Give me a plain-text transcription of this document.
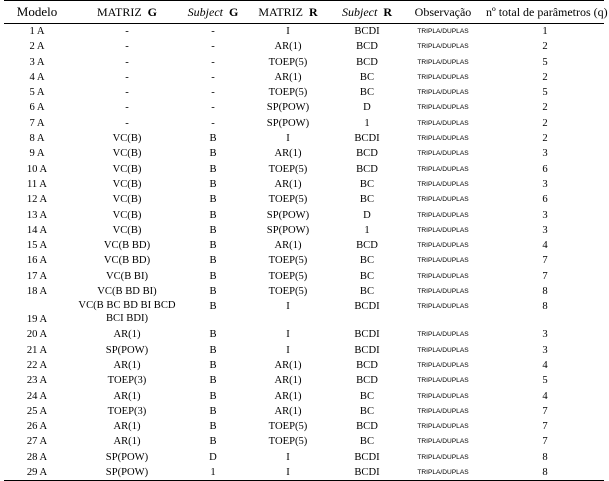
Modelo	MATRIZ G	Subject G	MATRIZ R	Subject R	Observação	nº total de parâmetros (q)
1 A	-	-	I	BCDI	TRIPLA/DUPLAS	1
2 A	-	-	AR(1)	BCD	TRIPLA/DUPLAS	2
3 A	-	-	TOEP(5)	BCD	TRIPLA/DUPLAS	5
4 A	-	-	AR(1)	BC	TRIPLA/DUPLAS	2
5 A	-	-	TOEP(5)	BC	TRIPLA/DUPLAS	5
6 A	-	-	SP(POW)	D	TRIPLA/DUPLAS	2
7 A	-	-	SP(POW)	1	TRIPLA/DUPLAS	2
8 A	VC(B)	B	I	BCDI	TRIPLA/DUPLAS	2
9 A	VC(B)	B	AR(1)	BCD	TRIPLA/DUPLAS	3
10 A	VC(B)	B	TOEP(5)	BCD	TRIPLA/DUPLAS	6
11 A	VC(B)	B	AR(1)	BC	TRIPLA/DUPLAS	3
12 A	VC(B)	B	TOEP(5)	BC	TRIPLA/DUPLAS	6
13 A	VC(B)	B	SP(POW)	D	TRIPLA/DUPLAS	3
14 A	VC(B)	B	SP(POW)	1	TRIPLA/DUPLAS	3
15 A	VC(B BD)	B	AR(1)	BCD	TRIPLA/DUPLAS	4
16 A	VC(B BD)	B	TOEP(5)	BC	TRIPLA/DUPLAS	7
17 A	VC(B BI)	B	TOEP(5)	BC	TRIPLA/DUPLAS	7
18 A	VC(B BD BI)	B	TOEP(5)	BC	TRIPLA/DUPLAS	8
19 A	VC(B BC BD BI BCD BCI BDI)	B	I	BCDI	TRIPLA/DUPLAS	8
20 A	AR(1)	B	I	BCDI	TRIPLA/DUPLAS	3
21 A	SP(POW)	B	I	BCDI	TRIPLA/DUPLAS	3
22 A	AR(1)	B	AR(1)	BCD	TRIPLA/DUPLAS	4
23 A	TOEP(3)	B	AR(1)	BCD	TRIPLA/DUPLAS	5
24 A	AR(1)	B	AR(1)	BC	TRIPLA/DUPLAS	4
25 A	TOEP(3)	B	AR(1)	BC	TRIPLA/DUPLAS	7
26 A	AR(1)	B	TOEP(5)	BCD	TRIPLA/DUPLAS	7
27 A	AR(1)	B	TOEP(5)	BC	TRIPLA/DUPLAS	7
28 A	SP(POW)	D	I	BCDI	TRIPLA/DUPLAS	8
29 A	SP(POW)	1	I	BCDI	TRIPLA/DUPLAS	8
